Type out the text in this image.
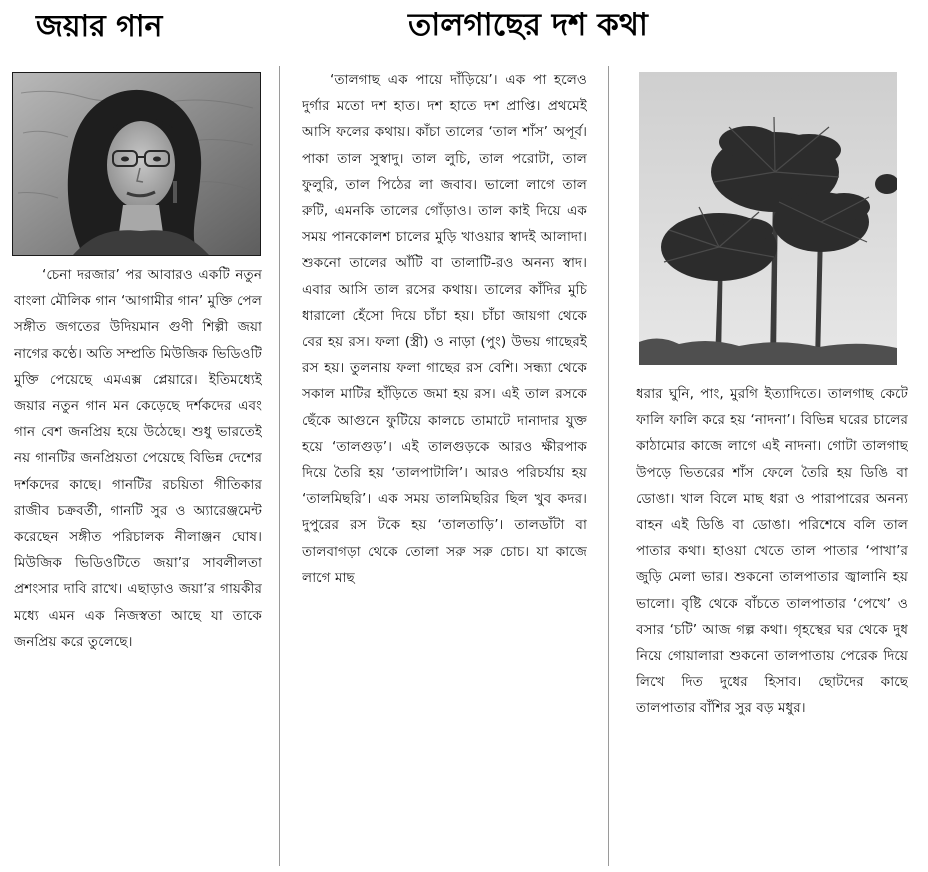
জয়ার গান	তালগাছের দশ কথা

‘চেনা দরজার’ পর আবারও একটি নতুন বাংলা মৌলিক গান ‘আগামীর গান’ মুক্তি পেল সঙ্গীত জগতের উদিয়মান গুণী শিল্পী জয়া নাগের কণ্ঠে। অতি সম্প্রতি মিউজিক ভিডিওটি মুক্তি পেয়েছে এমএক্স প্লেয়ারে। ইতিমধ্যেই জয়ার নতুন গান মন কেড়েছে দর্শকদের এবং গান বেশ জনপ্রিয় হয়ে উঠেছে। শুধু ভারতেই নয় গানটির জনপ্রিয়তা পেয়েছে বিভিন্ন দেশের দর্শকদের কাছে। গানটির রচয়িতা গীতিকার রাজীব চক্রবর্তী, গানটি সুর ও অ্যারেঞ্জমেন্ট করেছেন সঙ্গীত পরিচালক নীলাঞ্জন ঘোষ। মিউজিক ভিডিওটিতে জয়া’র সাবলীলতা প্রশংসার দাবি রাখে। এছাড়াও জয়া’র গায়কীর মধ্যে এমন এক নিজস্বতা আছে যা তাকে জনপ্রিয় করে তুলেছে।

‘তালগাছ এক পায়ে দাঁড়িয়ে’। এক পা হলেও দুর্গার মতো দশ হাত। দশ হাতে দশ প্রাপ্তি। প্রথমেই আসি ফলের কথায়। কাঁচা তালের ‘তাল শাঁস’ অপূর্ব। পাকা তাল সুস্বাদু। তাল লুচি, তাল পরোটা, তাল ফুলুরি, তাল পিঠের লা জবাব। ভালো লাগে তাল রুটি, এমনকি তালের গোঁড়াও। তাল কাই দিয়ে এক সময় পানকোলশ চালের মুড়ি খাওয়ার স্বাদই আলাদা। শুকনো তালের আঁটি বা তালাটি-রও অনন্য স্বাদ। এবার আসি তাল রসের কথায়। তালের কাঁদির মুচি ধারালো হেঁসো দিয়ে চাঁচা হয়। চাঁচা জায়গা থেকে বের হয় রস। ফলা (স্ত্রী) ও নাড়া (পুং) উভয় গাছেরই রস হয়। তুলনায় ফলা গাছের রস বেশি। সন্ধ্যা থেকে সকাল মাটির হাঁড়িতে জমা হয় রস। এই তাল রসকে ছেঁকে আগুনে ফুটিয়ে কালচে তামাটে দানাদার যুক্ত হয়ে ‘তালগুড়’। এই তালগুড়কে আরও ক্ষীরপাক দিয়ে তৈরি হয় ‘তালপাটালি’। আরও পরিচর্যায় হয় ‘তালমিছরি’। এক সময় তালমিছরির ছিল খুব কদর। দুপুরের রস টকে হয় ‘তালতাড়ি’। তালডাঁটা বা তালবাগড়া থেকে তোলা সরু সরু চোচ। যা কাজে লাগে মাছ

ধরার ঘুনি, পাং, মুরগি ইত্যাদিতে। তালগাছ কেটে ফালি ফালি করে হয় ‘নাদনা’। বিভিন্ন ঘরের চালের কাঠামোর কাজে লাগে এই নাদনা। গোটা তালগাছ উপড়ে ভিতরের শাঁস ফেলে তৈরি হয় ডিঙি বা ডোঙা। খাল বিলে মাছ ধরা ও পারাপারের অনন্য বাহন এই ডিঙি বা ডোঙা। পরিশেষে বলি তাল পাতার কথা। হাওয়া খেতে তাল পাতার ‘পাখা’র জুড়ি মেলা ভার। শুকনো তালপাতার জ্বালানি হয় ভালো। বৃষ্টি থেকে বাঁচতে তালপাতার ‘পেখে’ ও বসার ‘চটি’ আজ গল্প কথা। গৃহস্থের ঘর থেকে দুধ নিয়ে গোয়ালারা শুকনো তালপাতায় পেরেক দিয়ে লিখে দিত দুধের হিসাব। ছোটদের কাছে তালপাতার বাঁশির সুর বড় মধুর।
